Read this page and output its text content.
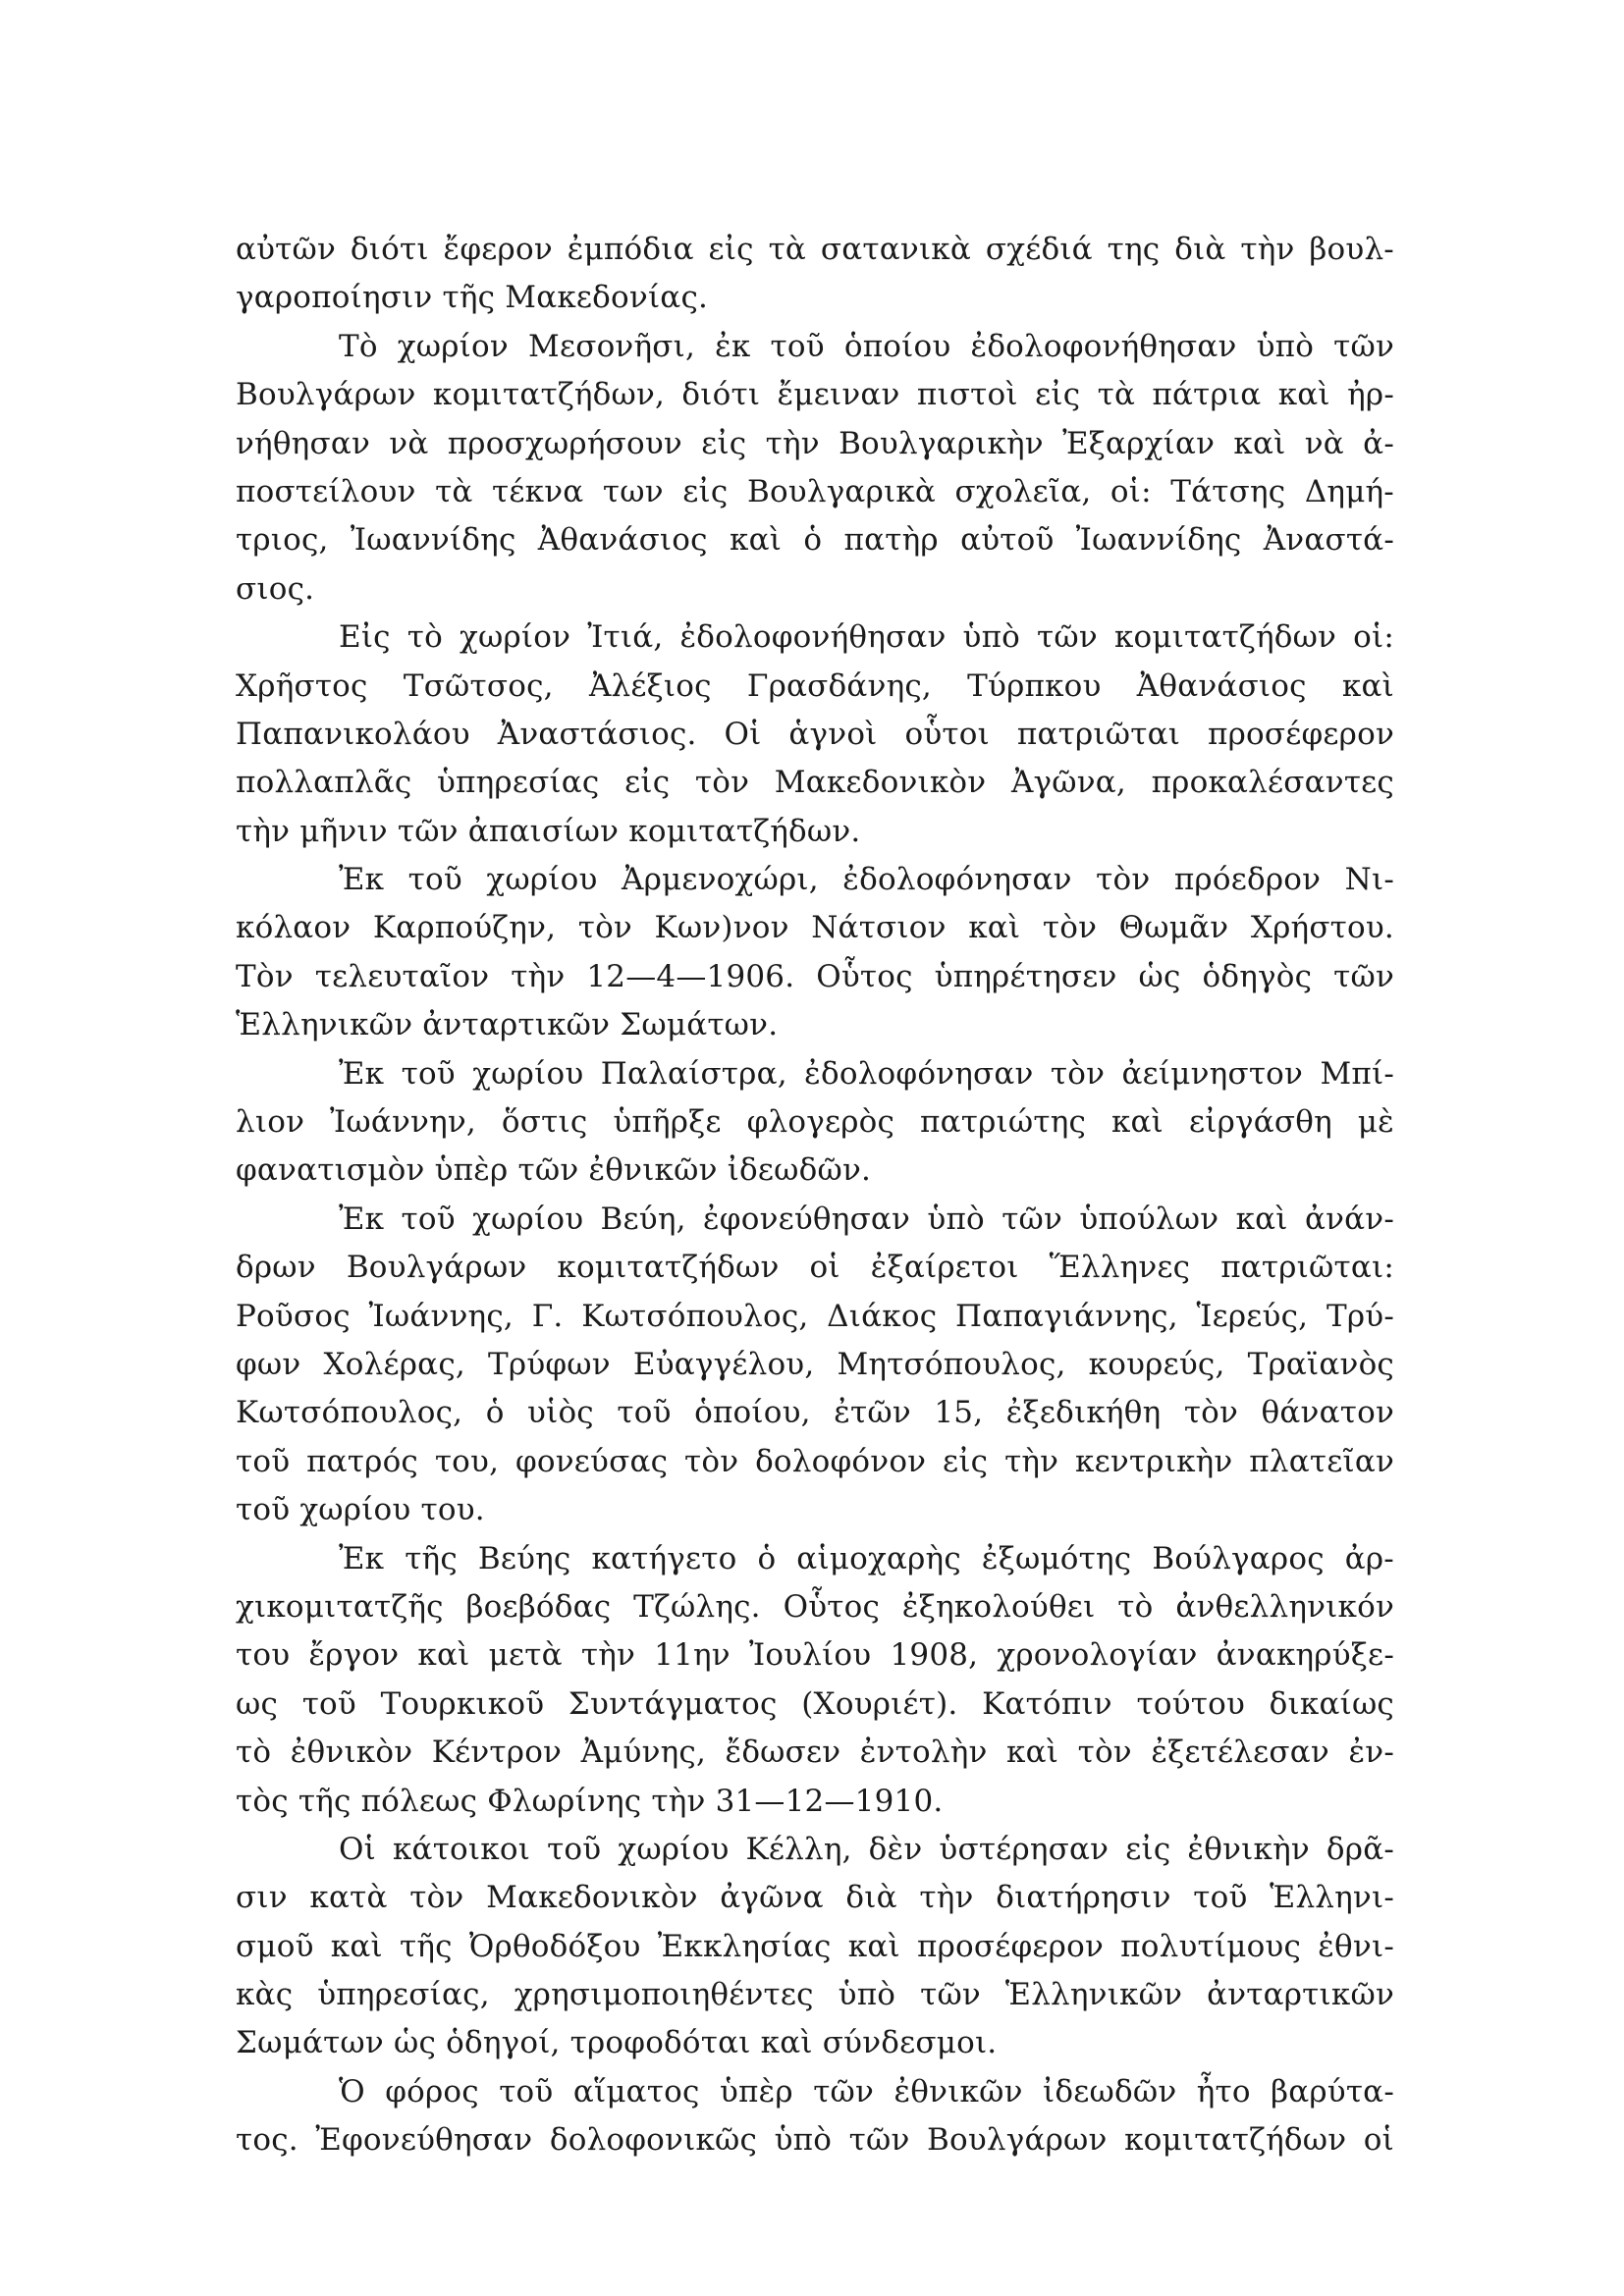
αὐτῶν διότι ἔφερον ἐμπόδια εἰς τὰ σατανικὰ σχέδιά της διὰ τὴν βουλ-
γαροποίησιν τῆς Μακεδονίας.
Τὸ χωρίον Μεσονῆσι, ἐκ τοῦ ὁποίου ἐδολοφονήθησαν ὑπὸ τῶν
Βουλγάρων κομιτατζήδων, διότι ἔμειναν πιστοὶ εἰς τὰ πάτρια καὶ ἠρ-
νήθησαν νὰ προσχωρήσουν εἰς τὴν Βουλγαρικὴν Ἐξαρχίαν καὶ νὰ ἀ-
ποστείλουν τὰ τέκνα των εἰς Βουλγαρικὰ σχολεῖα, οἱ: Τάτσης Δημή-
τριος, Ἰωαννίδης Ἀθανάσιος καὶ ὁ πατὴρ αὐτοῦ Ἰωαννίδης Ἀναστά-
σιος.
Εἰς τὸ χωρίον Ἰτιά, ἐδολοφονήθησαν ὑπὸ τῶν κομιτατζήδων οἱ:
Χρῆστος Τσῶτσος, Ἀλέξιος Γρασδάνης, Τύρπκου Ἀθανάσιος καὶ
Παπανικολάου Ἀναστάσιος. Οἱ ἁγνοὶ οὗτοι πατριῶται προσέφερον
πολλαπλᾶς ὑπηρεσίας εἰς τὸν Μακεδονικὸν Ἀγῶνα, προκαλέσαντες
τὴν μῆνιν τῶν ἀπαισίων κομιτατζήδων.
Ἐκ τοῦ χωρίου Ἀρμενοχώρι, ἐδολοφόνησαν τὸν πρόεδρον Νι-
κόλαον Καρπούζην, τὸν Κων)νον Νάτσιον καὶ τὸν Θωμᾶν Χρήστου.
Τὸν τελευταῖον τὴν 12—4—1906. Οὗτος ὑπηρέτησεν ὡς ὁδηγὸς τῶν
Ἑλληνικῶν ἀνταρτικῶν Σωμάτων.
Ἐκ τοῦ χωρίου Παλαίστρα, ἐδολοφόνησαν τὸν ἀείμνηστον Μπί-
λιον Ἰωάννην, ὅστις ὑπῆρξε φλογερὸς πατριώτης καὶ εἰργάσθη μὲ
φανατισμὸν ὑπὲρ τῶν ἐθνικῶν ἰδεωδῶν.
Ἐκ τοῦ χωρίου Βεύη, ἐφονεύθησαν ὑπὸ τῶν ὑπούλων καὶ ἀνάν-
δρων Βουλγάρων κομιτατζήδων οἱ ἐξαίρετοι Ἕλληνες πατριῶται:
Ροῦσος Ἰωάννης, Γ. Κωτσόπουλος, Διάκος Παπαγιάννης, Ἱερεύς, Τρύ-
φων Χολέρας, Τρύφων Εὐαγγέλου, Μητσόπουλος, κουρεύς, Τραϊανὸς
Κωτσόπουλος, ὁ υἱὸς τοῦ ὁποίου, ἐτῶν 15, ἐξεδικήθη τὸν θάνατον
τοῦ πατρός του, φονεύσας τὸν δολοφόνον εἰς τὴν κεντρικὴν πλατεῖαν
τοῦ χωρίου του.
Ἐκ τῆς Βεύης κατήγετο ὁ αἱμοχαρὴς ἐξωμότης Βούλγαρος ἀρ-
χικομιτατζῆς βοεβόδας Τζώλης. Οὗτος ἐξηκολούθει τὸ ἀνθελληνικόν
του ἔργον καὶ μετὰ τὴν 11ην Ἰουλίου 1908, χρονολογίαν ἀνακηρύξε-
ως τοῦ Τουρκικοῦ Συντάγματος (Χουριέτ). Κατόπιν τούτου δικαίως
τὸ ἐθνικὸν Κέντρον Ἀμύνης, ἔδωσεν ἐντολὴν καὶ τὸν ἐξετέλεσαν ἐν-
τὸς τῆς πόλεως Φλωρίνης τὴν 31—12—1910.
Οἱ κάτοικοι τοῦ χωρίου Κέλλη, δὲν ὑστέρησαν εἰς ἐθνικὴν δρᾶ-
σιν κατὰ τὸν Μακεδονικὸν ἀγῶνα διὰ τὴν διατήρησιν τοῦ Ἑλληνι-
σμοῦ καὶ τῆς Ὀρθοδόξου Ἐκκλησίας καὶ προσέφερον πολυτίμους ἐθνι-
κὰς ὑπηρεσίας, χρησιμοποιηθέντες ὑπὸ τῶν Ἑλληνικῶν ἀνταρτικῶν
Σωμάτων ὡς ὁδηγοί, τροφοδόται καὶ σύνδεσμοι.
Ὁ φόρος τοῦ αἵματος ὑπὲρ τῶν ἐθνικῶν ἰδεωδῶν ἦτο βαρύτα-
τος. Ἐφονεύθησαν δολοφονικῶς ὑπὸ τῶν Βουλγάρων κομιτατζήδων οἱ
